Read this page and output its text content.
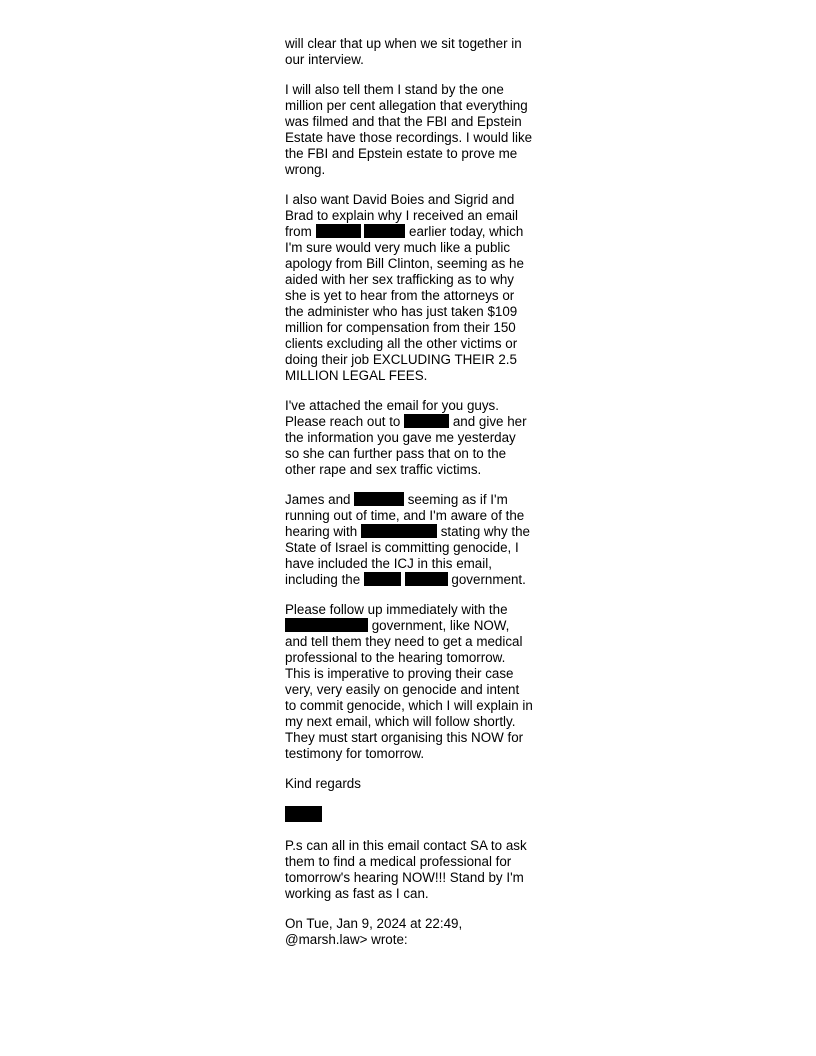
will clear that up when we sit together in our interview.

I will also tell them I stand by the one million per cent allegation that everything was filmed and that the FBI and Epstein Estate have those recordings. I would like the FBI and Epstein estate to prove me wrong.

I also want David Boies and Sigrid and Brad to explain why I received an email from	earlier today, which I'm sure would very much like a public apology from Bill Clinton, seeming as he aided with her sex trafficking as to why she is yet to hear from the attorneys or the administer who has just taken $109 million for compensation from their 150 clients excluding all the other victims or doing their job EXCLUDING THEIR 2.5 MILLION LEGAL FEES.

I've attached the email for you guys. Please reach out to	and give her the information you gave me yesterday so she can further pass that on to the other rape and sex traffic victims.

James and	, seeming as if I'm running out of time, and I'm aware of the hearing with	stating why the State of Israel is committing genocide, I have included the ICJ in this email, including the	government.

Please follow up immediately with the  government, like NOW, and tell them they need to get a medical professional to the hearing tomorrow. This is imperative to proving their case very, very easily on genocide and intent to commit genocide, which I will explain in my next email, which will follow shortly. They must start organising this NOW for testimony for tomorrow.

Kind regards

P.s can all in this email contact SA to ask them to find a medical professional for tomorrow's hearing NOW!!! Stand by I'm working as fast as I can.

On Tue, Jan 9, 2024 at 22:49,
@marsh.law> wrote:
